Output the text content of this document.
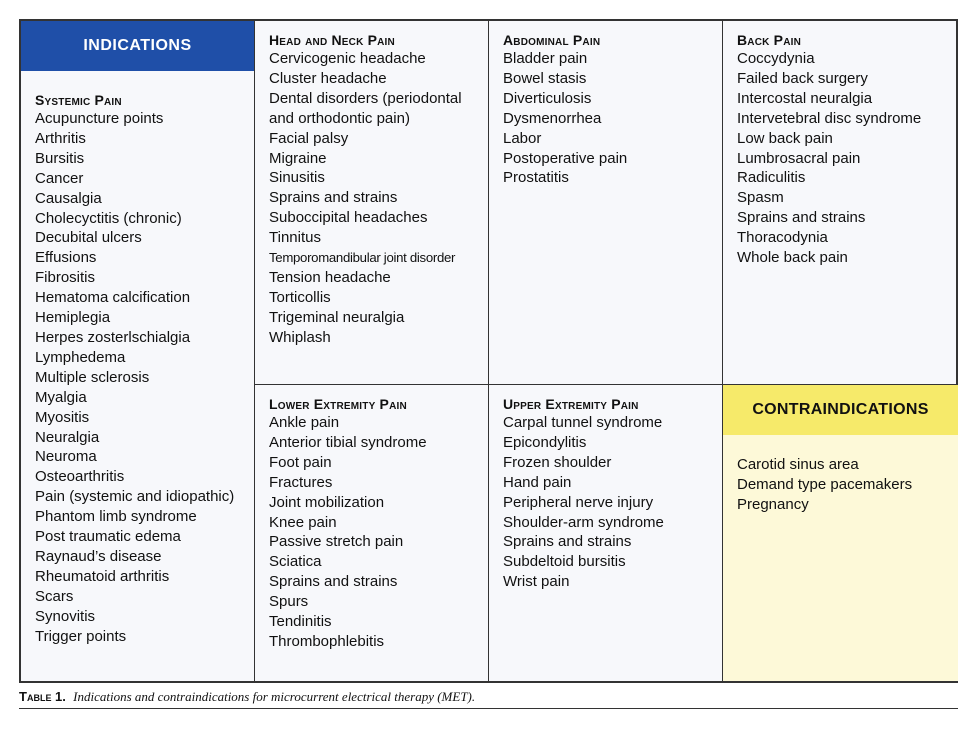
INDICATIONS
Systemic Pain
Acupuncture points
Arthritis
Bursitis
Cancer
Causalgia
Cholecyctitis (chronic)
Decubital ulcers
Effusions
Fibrositis
Hematoma calcification
Hemiplegia
Herpes zosterlschialgia
Lymphedema
Multiple sclerosis
Myalgia
Myositis
Neuralgia
Neuroma
Osteoarthritis
Pain (systemic and idiopathic)
Phantom limb syndrome
Post traumatic edema
Raynaud’s disease
Rheumatoid arthritis
Scars
Synovitis
Trigger points
Head and Neck Pain
Cervicogenic headache
Cluster headache
Dental disorders (periodontal
and orthodontic pain)
Facial palsy
Migraine
Sinusitis
Sprains and strains
Suboccipital headaches
Tinnitus
Temporomandibular joint disorder
Tension headache
Torticollis
Trigeminal neuralgia
Whiplash
Abdominal Pain
Bladder pain
Bowel stasis
Diverticulosis
Dysmenorrhea
Labor
Postoperative pain
Prostatitis
Back Pain
Coccydynia
Failed back surgery
Intercostal neuralgia
Intervetebral disc syndrome
Low back pain
Lumbrosacral pain
Radiculitis
Spasm
Sprains and strains
Thoracodynia
Whole back pain
Lower Extremity Pain
Ankle pain
Anterior tibial syndrome
Foot pain
Fractures
Joint mobilization
Knee pain
Passive stretch pain
Sciatica
Sprains and strains
Spurs
Tendinitis
Thrombophlebitis
Upper Extremity Pain
Carpal tunnel syndrome
Epicondylitis
Frozen shoulder
Hand pain
Peripheral nerve injury
Shoulder-arm syndrome
Sprains and strains
Subdeltoid bursitis
Wrist pain
CONTRAINDICATIONS
Carotid sinus area
Demand type pacemakers
Pregnancy
Table 1. Indications and contraindications for microcurrent electrical therapy (MET).
